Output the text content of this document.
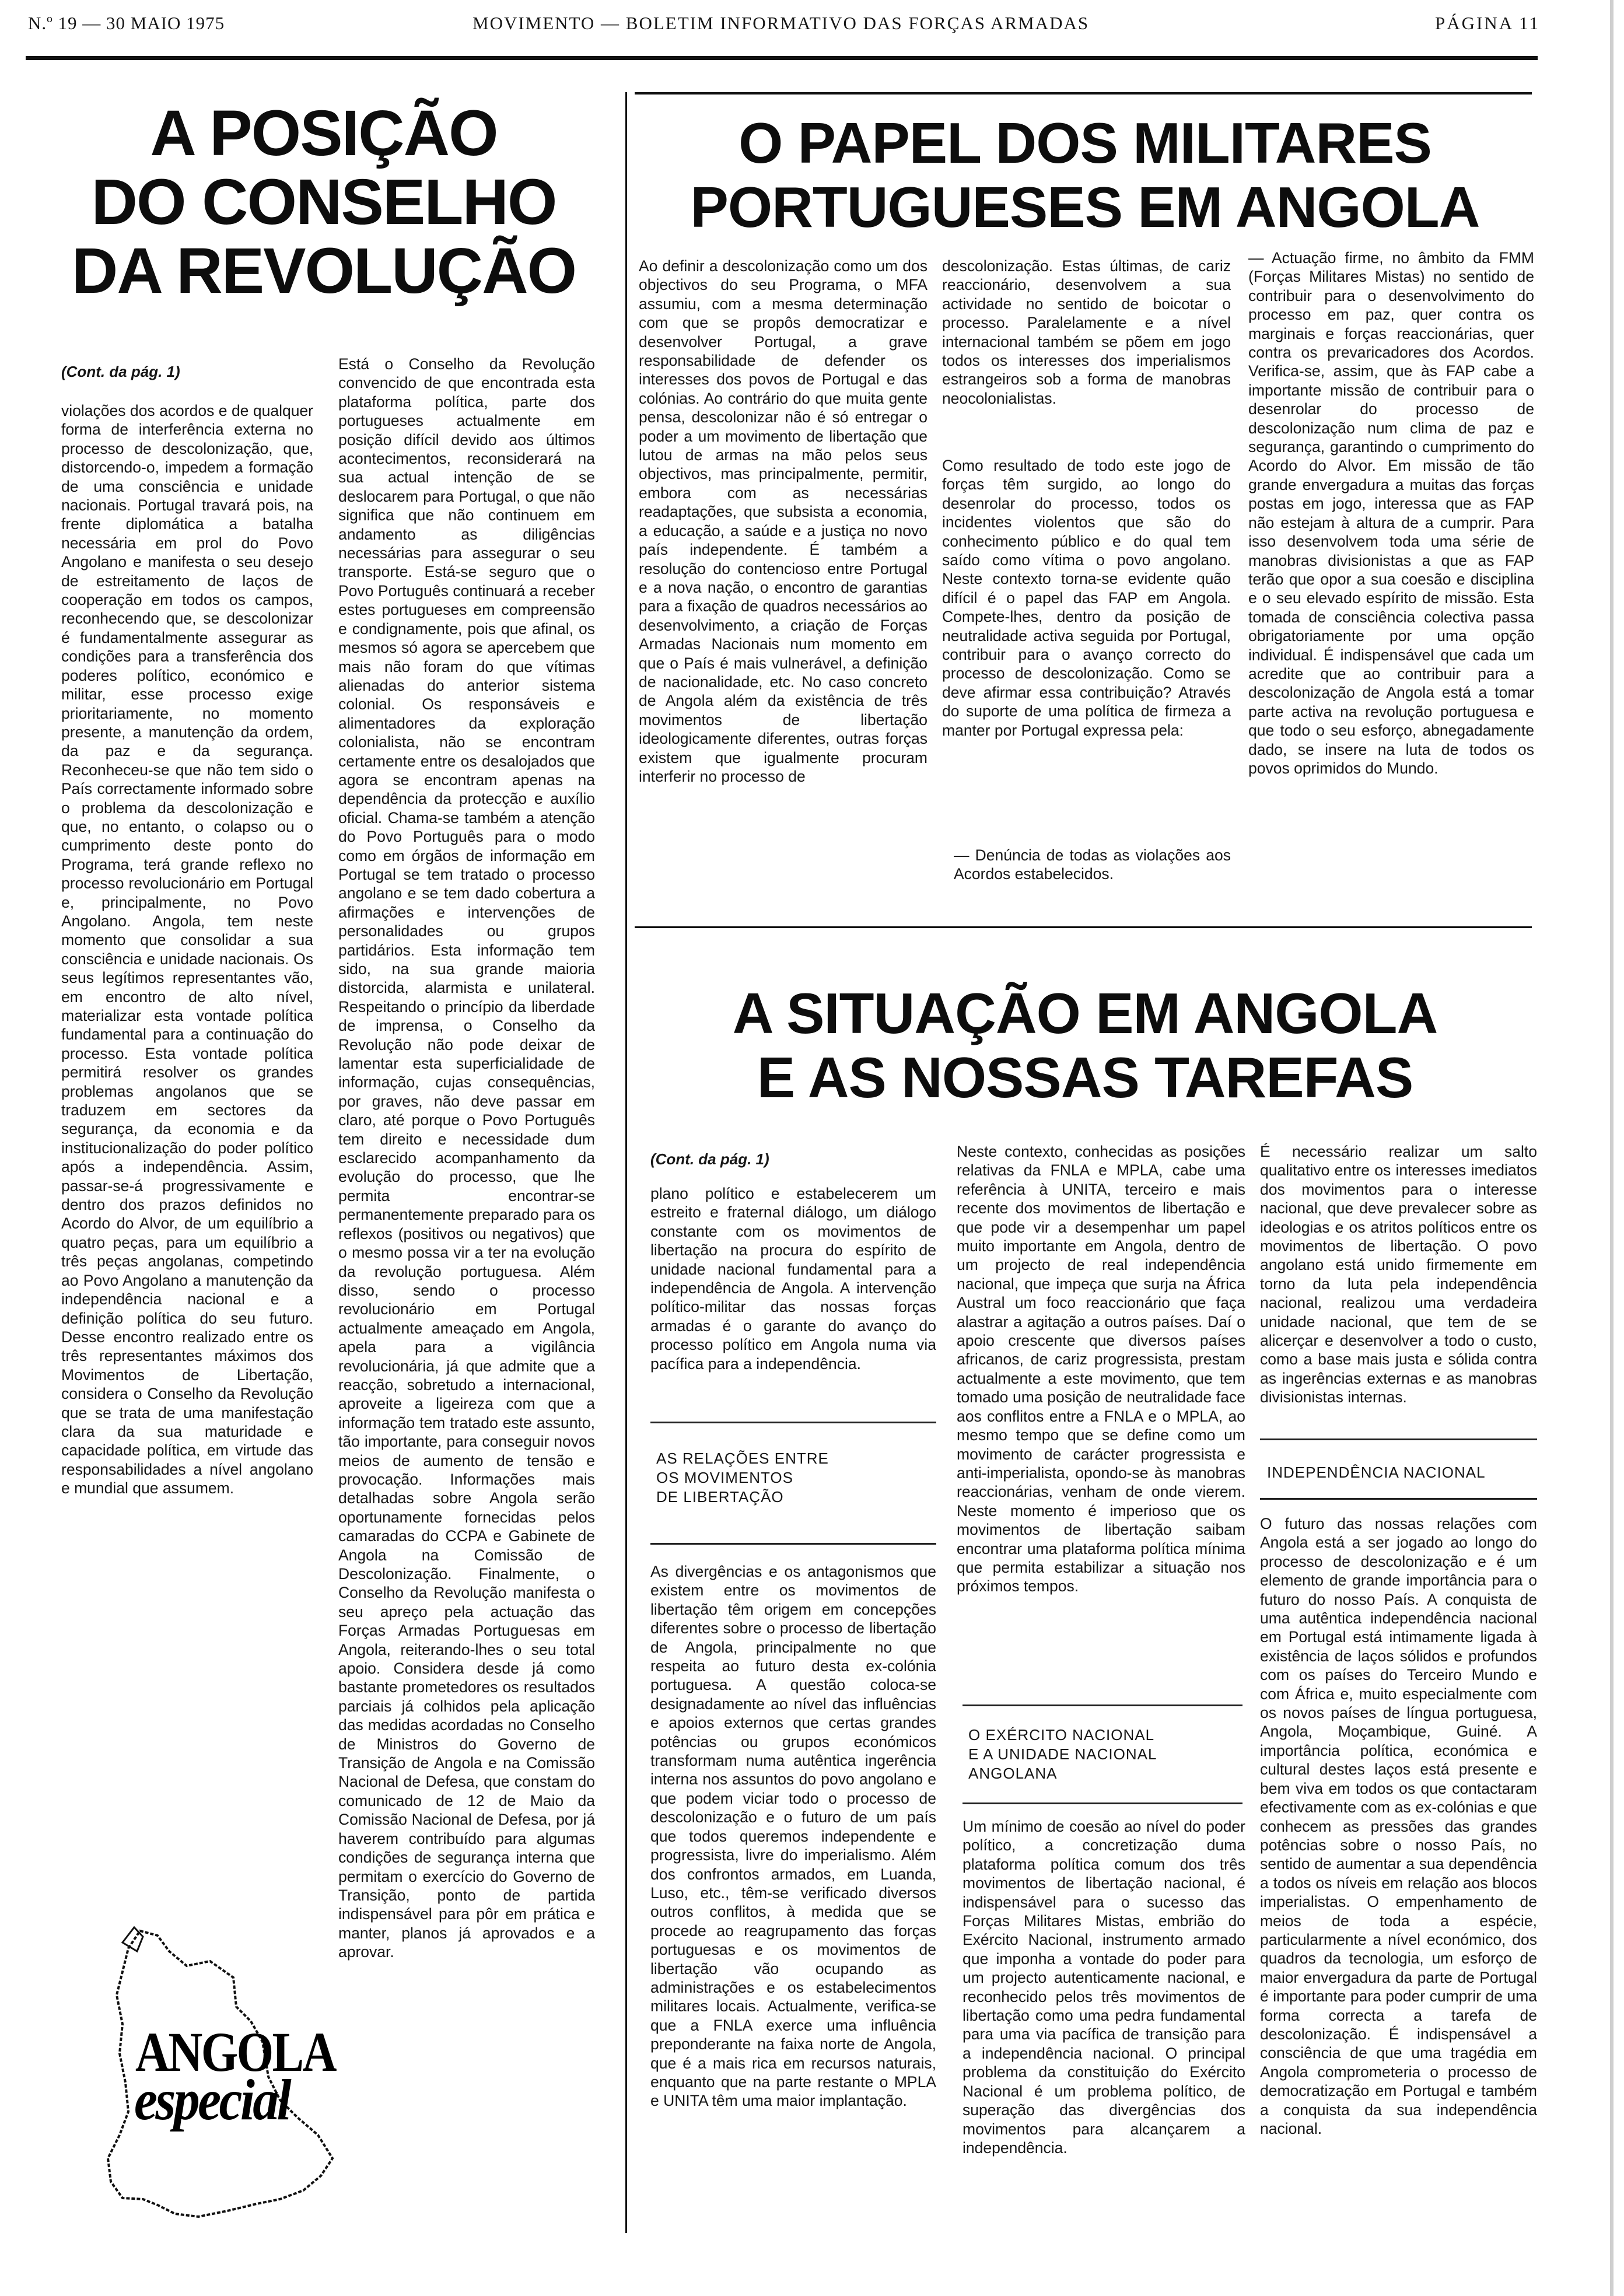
N.º 19 — 30 MAIO 1975	MOVIMENTO — BOLETIM INFORMATIVO DAS FORÇAS ARMADAS	PÁGINA 11
A POSIÇÃO
DO CONSELHO
DA REVOLUÇÃO
(Cont. da pág. 1)
violações dos acordos e de qualquer forma de interferência externa no processo de descolonização, que, distorcendo-o, impedem a formação de uma consciência e unidade nacionais. Portugal travará pois, na frente diplomática a batalha necessária em prol do Povo Angolano e manifesta o seu desejo de estreitamento de laços de cooperação em todos os campos, reconhecendo que, se descolonizar é fundamentalmente assegurar as condições para a transferência dos poderes político, económico e militar, esse processo exige prioritariamente, no momento presente, a manutenção da ordem, da paz e da segurança. Reconheceu-se que não tem sido o País correctamente informado sobre o problema da descolonização e que, no entanto, o colapso ou o cumprimento deste ponto do Programa, terá grande reflexo no processo revolucionário em Portugal e, principalmente, no Povo Angolano. Angola, tem neste momento que consolidar a sua consciência e unidade nacionais. Os seus legítimos representantes vão, em encontro de alto nível, materializar esta vontade política fundamental para a continuação do processo. Esta vontade política permitirá resolver os grandes problemas angolanos que se traduzem em sectores da segurança, da economia e da institucionalização do poder político após a independência. Assim, passar-se-á progressivamente e dentro dos prazos definidos no Acordo do Alvor, de um equilíbrio a quatro peças, para um equilíbrio a três peças angolanas, competindo ao Povo Angolano a manutenção da independência nacional e a definição política do seu futuro. Desse encontro realizado entre os três representantes máximos dos Movimentos de Libertação, considera o Conselho da Revolução que se trata de uma manifestação clara da sua maturidade e capacidade política, em virtude das responsabilidades a nível angolano e mundial que assumem.
Está o Conselho da Revolução convencido de que encontrada esta plataforma política, parte dos portugueses actualmente em posição difícil devido aos últimos acontecimentos, reconsiderará na sua actual intenção de se deslocarem para Portugal, o que não significa que não continuem em andamento as diligências necessárias para assegurar o seu transporte. Está-se seguro que o Povo Português continuará a receber estes portugueses em compreensão e condignamente, pois que afinal, os mesmos só agora se apercebem que mais não foram do que vítimas alienadas do anterior sistema colonial. Os responsáveis e alimentadores da exploração colonialista, não se encontram certamente entre os desalojados que agora se encontram apenas na dependência da protecção e auxílio oficial. Chama-se também a atenção do Povo Português para o modo como em órgãos de informação em Portugal se tem tratado o processo angolano e se tem dado cobertura a afirmações e intervenções de personalidades ou grupos partidários. Esta informação tem sido, na sua grande maioria distorcida, alarmista e unilateral. Respeitando o princípio da liberdade de imprensa, o Conselho da Revolução não pode deixar de lamentar esta superficialidade de informação, cujas consequências, por graves, não deve passar em claro, até porque o Povo Português tem direito e necessidade dum esclarecido acompanhamento da evolução do processo, que lhe permita encontrar-se permanentemente preparado para os reflexos (positivos ou negativos) que o mesmo possa vir a ter na evolução da revolução portuguesa. Além disso, sendo o processo revolucionário em Portugal actualmente ameaçado em Angola, apela para a vigilância revolucionária, já que admite que a reacção, sobretudo a internacional, aproveite a ligeireza com que a informação tem tratado este assunto, tão importante, para conseguir novos meios de aumento de tensão e provocação. Informações mais detalhadas sobre Angola serão oportunamente fornecidas pelos camaradas do CCPA e Gabinete de Angola na Comissão de Descolonização. Finalmente, o Conselho da Revolução manifesta o seu apreço pela actuação das Forças Armadas Portuguesas em Angola, reiterando-lhes o seu total apoio. Considera desde já como bastante prometedores os resultados parciais já colhidos pela aplicação das medidas acordadas no Conselho de Ministros do Governo de Transição de Angola e na Comissão Nacional de Defesa, que constam do comunicado de 12 de Maio da Comissão Nacional de Defesa, por já haverem contribuído para algumas condições de segurança interna que permitam o exercício do Governo de Transição, ponto de partida indispensável para pôr em prática e manter, planos já aprovados e a aprovar.
ANGOLA
especial
O PAPEL DOS MILITARES
PORTUGUESES EM ANGOLA
Ao definir a descolonização como um dos objectivos do seu Programa, o MFA assumiu, com a mesma determinação com que se propôs democratizar e desenvolver Portugal, a grave responsabilidade de defender os interesses dos povos de Portugal e das colónias. Ao contrário do que muita gente pensa, descolonizar não é só entregar o poder a um movimento de libertação que lutou de armas na mão pelos seus objectivos, mas principalmente, permitir, embora com as necessárias readaptações, que subsista a economia, a educação, a saúde e a justiça no novo país independente. É também a resolução do contencioso entre Portugal e a nova nação, o encontro de garantias para a fixação de quadros necessários ao desenvolvimento, a criação de Forças Armadas Nacionais num momento em que o País é mais vulnerável, a definição de nacionalidade, etc. No caso concreto de Angola além da existência de três movimentos de libertação ideologicamente diferentes, outras forças existem que igualmente procuram interferir no processo de
descolonização. Estas últimas, de cariz reaccionário, desenvolvem a sua actividade no sentido de boicotar o processo. Paralelamente e a nível internacional também se põem em jogo todos os interesses dos imperialismos estrangeiros sob a forma de manobras neocolonialistas.
Como resultado de todo este jogo de forças têm surgido, ao longo do desenrolar do processo, todos os incidentes violentos que são do conhecimento público e do qual tem saído como vítima o povo angolano. Neste contexto torna-se evidente quão difícil é o papel das FAP em Angola. Compete-lhes, dentro da posição de neutralidade activa seguida por Portugal, contribuir para o avanço correcto do processo de descolonização. Como se deve afirmar essa contribuição? Através do suporte de uma política de firmeza a manter por Portugal expressa pela:
— Denúncia de todas as violações aos Acordos estabelecidos.
— Actuação firme, no âmbito da FMM (Forças Militares Mistas) no sentido de contribuir para o desenvolvimento do processo em paz, quer contra os marginais e forças reaccionárias, quer contra os prevaricadores dos Acordos. Verifica-se, assim, que às FAP cabe a importante missão de contribuir para o desenrolar do processo de descolonização num clima de paz e segurança, garantindo o cumprimento do Acordo do Alvor. Em missão de tão grande envergadura a muitas das forças postas em jogo, interessa que as FAP não estejam à altura de a cumprir. Para isso desenvolvem toda uma série de manobras divisionistas a que as FAP terão que opor a sua coesão e disciplina e o seu elevado espírito de missão. Esta tomada de consciência colectiva passa obrigatoriamente por uma opção individual. É indispensável que cada um acredite que ao contribuir para a descolonização de Angola está a tomar parte activa na revolução portuguesa e que todo o seu esforço, abnegadamente dado, se insere na luta de todos os povos oprimidos do Mundo.
A SITUAÇÃO EM ANGOLA
E AS NOSSAS TAREFAS
(Cont. da pág. 1)
plano político e estabelecerem um estreito e fraternal diálogo, um diálogo constante com os movimentos de libertação na procura do espírito de unidade nacional fundamental para a independência de Angola. A intervenção político-militar das nossas forças armadas é o garante do avanço do processo político em Angola numa via pacífica para a independência.
AS RELAÇÕES ENTRE
OS MOVIMENTOS
DE LIBERTAÇÃO
As divergências e os antagonismos que existem entre os movimentos de libertação têm origem em concepções diferentes sobre o processo de libertação de Angola, principalmente no que respeita ao futuro desta ex-colónia portuguesa. A questão coloca-se designadamente ao nível das influências e apoios externos que certas grandes potências ou grupos económicos transformam numa autêntica ingerência interna nos assuntos do povo angolano e que podem viciar todo o processo de descolonização e o futuro de um país que todos queremos independente e progressista, livre do imperialismo. Além dos confrontos armados, em Luanda, Luso, etc., têm-se verificado diversos outros conflitos, à medida que se procede ao reagrupamento das forças portuguesas e os movimentos de libertação vão ocupando as administrações e os estabelecimentos militares locais. Actualmente, verifica-se que a FNLA exerce uma influência preponderante na faixa norte de Angola, que é a mais rica em recursos naturais, enquanto que na parte restante o MPLA e UNITA têm uma maior implantação.
Neste contexto, conhecidas as posições relativas da FNLA e MPLA, cabe uma referência à UNITA, terceiro e mais recente dos movimentos de libertação e que pode vir a desempenhar um papel muito importante em Angola, dentro de um projecto de real independência nacional, que impeça que surja na África Austral um foco reaccionário que faça alastrar a agitação a outros países. Daí o apoio crescente que diversos países africanos, de cariz progressista, prestam actualmente a este movimento, que tem tomado uma posição de neutralidade face aos conflitos entre a FNLA e o MPLA, ao mesmo tempo que se define como um movimento de carácter progressista e anti-imperialista, opondo-se às manobras reaccionárias, venham de onde vierem. Neste momento é imperioso que os movimentos de libertação saibam encontrar uma plataforma política mínima que permita estabilizar a situação nos próximos tempos.
O EXÉRCITO NACIONAL
E A UNIDADE NACIONAL
ANGOLANA
Um mínimo de coesão ao nível do poder político, a concretização duma plataforma política comum dos três movimentos de libertação nacional, é indispensável para o sucesso das Forças Militares Mistas, embrião do Exército Nacional, instrumento armado que imponha a vontade do poder para um projecto autenticamente nacional, e reconhecido pelos três movimentos de libertação como uma pedra fundamental para uma via pacífica de transição para a independência nacional. O principal problema da constituição do Exército Nacional é um problema político, de superação das divergências dos movimentos para alcançarem a independência.
É necessário realizar um salto qualitativo entre os interesses imediatos dos movimentos para o interesse nacional, que deve prevalecer sobre as ideologias e os atritos políticos entre os movimentos de libertação. O povo angolano está unido firmemente em torno da luta pela independência nacional, realizou uma verdadeira unidade nacional, que tem de se alicerçar e desenvolver a todo o custo, como a base mais justa e sólida contra as ingerências externas e as manobras divisionistas internas.
INDEPENDÊNCIA NACIONAL
O futuro das nossas relações com Angola está a ser jogado ao longo do processo de descolonização e é um elemento de grande importância para o futuro do nosso País. A conquista de uma autêntica independência nacional em Portugal está intimamente ligada à existência de laços sólidos e profundos com os países do Terceiro Mundo e com África e, muito especialmente com os novos países de língua portuguesa, Angola, Moçambique, Guiné. A importância política, económica e cultural destes laços está presente e bem viva em todos os que contactaram efectivamente com as ex-colónias e que conhecem as pressões das grandes potências sobre o nosso País, no sentido de aumentar a sua dependência a todos os níveis em relação aos blocos imperialistas. O empenhamento de meios de toda a espécie, particularmente a nível económico, dos quadros da tecnologia, um esforço de maior envergadura da parte de Portugal é importante para poder cumprir de uma forma correcta a tarefa de descolonização. É indispensável a consciência de que uma tragédia em Angola comprometeria o processo de democratização em Portugal e também a conquista da sua independência nacional.
